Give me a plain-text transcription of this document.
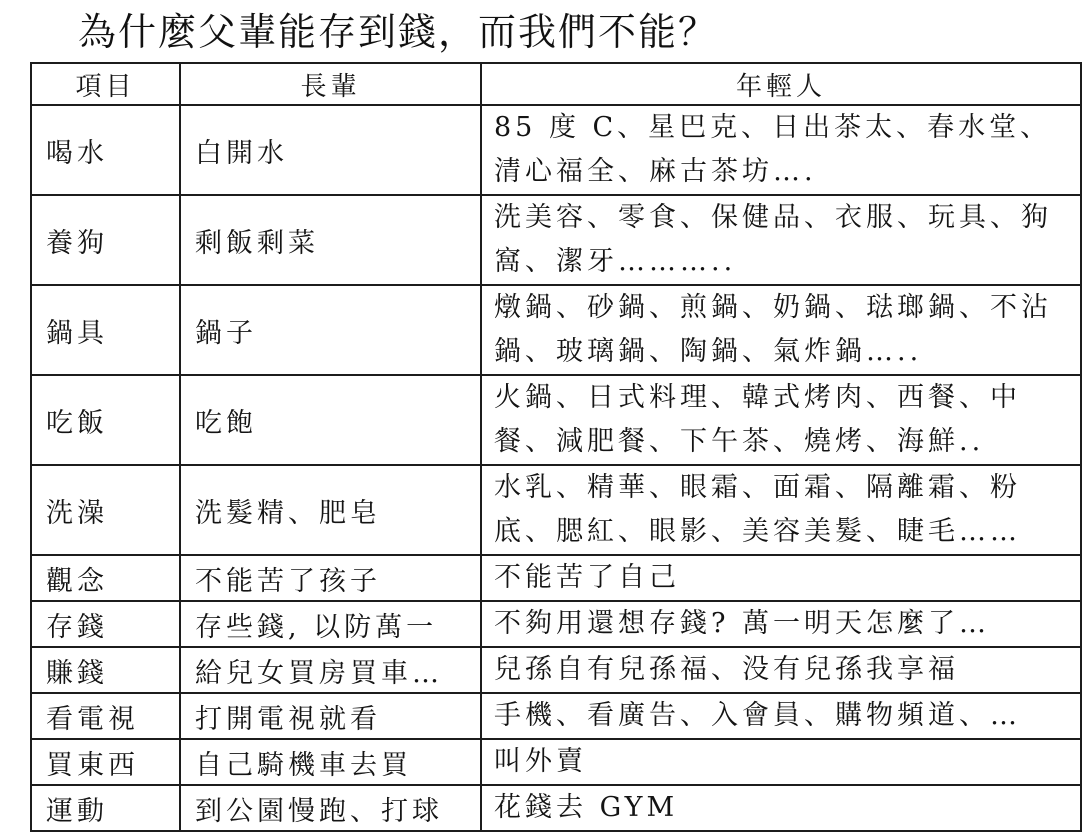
為什麼父輩能存到錢，而我們不能？
項目	長輩	年輕人
喝水	白開水	85 度 C、星巴克、日出茶太、春水堂、清心福全、麻古茶坊….
養狗	剩飯剩菜	洗美容、零食、保健品、衣服、玩具、狗窩、潔牙………..
鍋具	鍋子	燉鍋、砂鍋、煎鍋、奶鍋、琺瑯鍋、不沾鍋、玻璃鍋、陶鍋、氣炸鍋…..
吃飯	吃飽	火鍋、日式料理、韓式烤肉、西餐、中餐、減肥餐、下午茶、燒烤、海鮮..
洗澡	洗髮精、肥皂	水乳、精華、眼霜、面霜、隔離霜、粉底、腮紅、眼影、美容美髮、睫毛……
觀念	不能苦了孩子	不能苦了自己
存錢	存些錢, 以防萬一	不夠用還想存錢? 萬一明天怎麼了…
賺錢	給兒女買房買車…	兒孫自有兒孫福、没有兒孫我享福
看電視	打開電視就看	手機、看廣告、入會員、購物頻道、…
買東西	自己騎機車去買	叫外賣
運動	到公園慢跑、打球	花錢去 GYM
